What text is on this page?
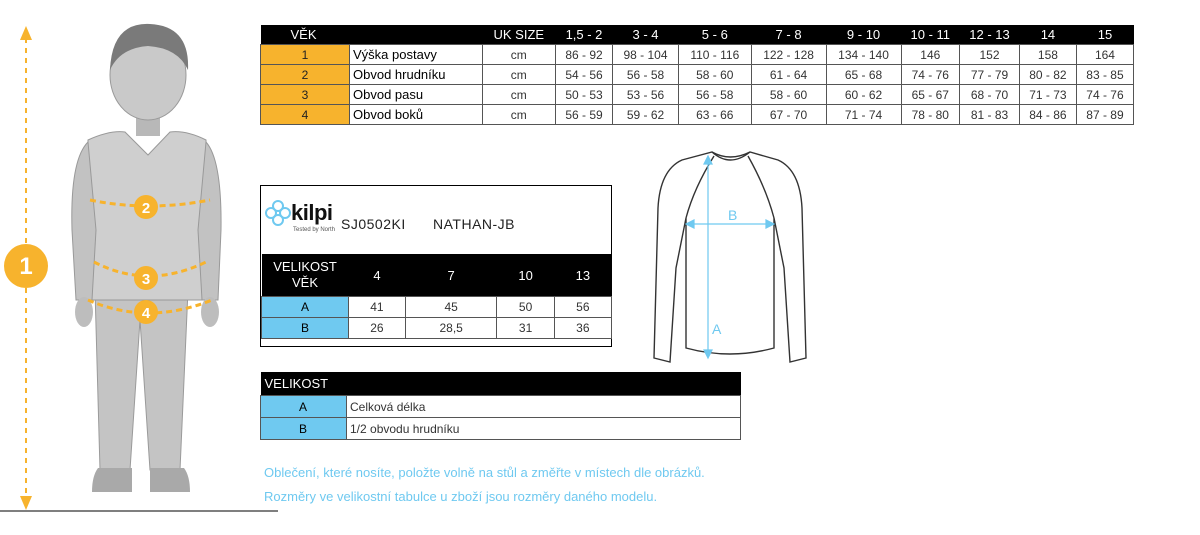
1
2
3
4
VĚK		UK SIZE	1,5 - 2	3 - 4	5 - 6	7 - 8	9 - 10	10 - 11	12 - 13	14	15
1	Výška postavy	cm	86 - 92	98 - 104	110 - 116	122 - 128	134 - 140	146	152	158	164
2	Obvod hrudníku	cm	54 - 56	56 - 58	58 - 60	61 - 64	65 - 68	74 - 76	77 - 79	80 - 82	83 - 85
3	Obvod pasu	cm	50 - 53	53 - 56	56 - 58	58 - 60	60 - 62	65 - 67	68 - 70	71 - 73	74 - 76
4	Obvod boků	cm	56 - 59	59 - 62	63 - 66	67 - 70	71 - 74	78 - 80	81 - 83	84 - 86	87 - 89
kilpi
Tested by North SJ0502KI NATHAN-JB
VELIKOST
VĚK	4	7	10	13
A	41	45	50	56
B	26	28,5	31	36
B
A
VELIKOST	
A	Celková délka
B	1/2 obvodu hrudníku
Oblečení, které nosíte, položte volně na stůl a změřte v místech dle obrázků.
Rozměry ve velikostní tabulce u zboží jsou rozměry daného modelu.
